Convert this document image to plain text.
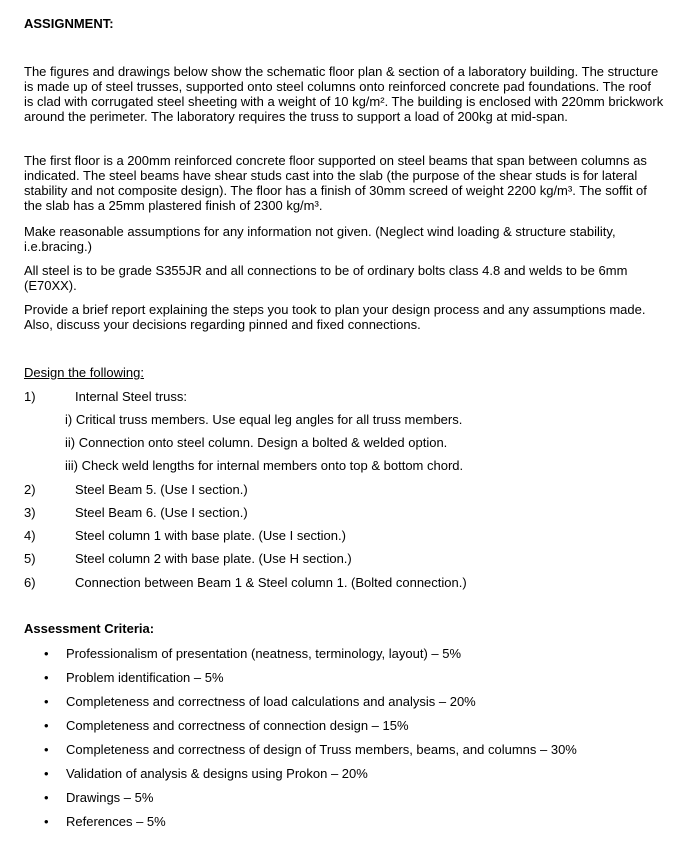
ASSIGNMENT:
The figures and drawings below show the schematic floor plan & section of a laboratory building. The structure is made up of steel trusses, supported onto steel columns onto reinforced concrete pad foundations. The roof is clad with corrugated steel sheeting with a weight of 10 kg/m². The building is enclosed with 220mm brickwork around the perimeter. The laboratory requires the truss to support a load of 200kg at mid-span.
The first floor is a 200mm reinforced concrete floor supported on steel beams that span between columns as indicated. The steel beams have shear studs cast into the slab (the purpose of the shear studs is for lateral stability and not composite design). The floor has a finish of 30mm screed of weight 2200 kg/m³. The soffit of the slab has a 25mm plastered finish of 2300 kg/m³.
Make reasonable assumptions for any information not given. (Neglect wind loading & structure stability, i.e.bracing.)
All steel is to be grade S355JR and all connections to be of ordinary bolts class 4.8 and welds to be 6mm (E70XX).
Provide a brief report explaining the steps you took to plan your design process and any assumptions made. Also, discuss your decisions regarding pinned and fixed connections.
Design the following:
1)	Internal Steel truss:
i) Critical truss members. Use equal leg angles for all truss members.
ii) Connection onto steel column. Design a bolted & welded option.
iii) Check weld lengths for internal members onto top & bottom chord.
2)	Steel Beam 5. (Use I section.)
3)	Steel Beam 6. (Use I section.)
4)	Steel column 1 with base plate. (Use I section.)
5)	Steel column 2 with base plate. (Use H section.)
6)	Connection between Beam 1 & Steel column 1. (Bolted connection.)
Assessment Criteria:
• Professionalism of presentation (neatness, terminology, layout) – 5%
• Problem identification – 5%
• Completeness and correctness of load calculations and analysis – 20%
• Completeness and correctness of connection design – 15%
• Completeness and correctness of design of Truss members, beams, and columns – 30%
• Validation of analysis & designs using Prokon – 20%
• Drawings – 5%
• References – 5%
